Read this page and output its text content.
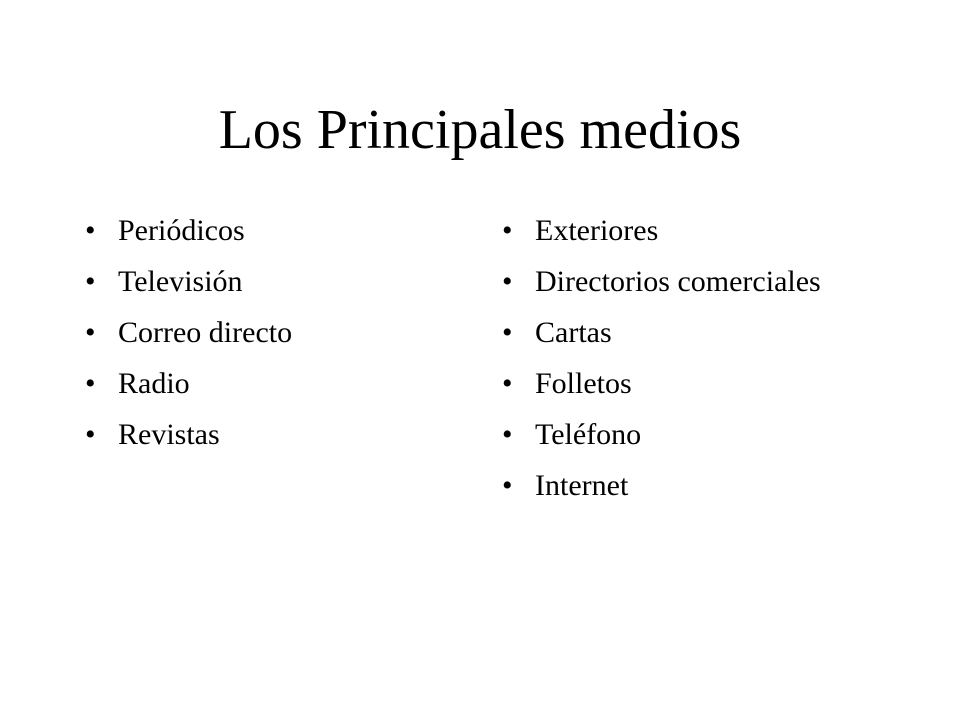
Los Principales medios
• Periódicos
• Televisión
• Correo directo
• Radio
• Revistas
• Exteriores
• Directorios comerciales
• Cartas
• Folletos
• Teléfono
• Internet
